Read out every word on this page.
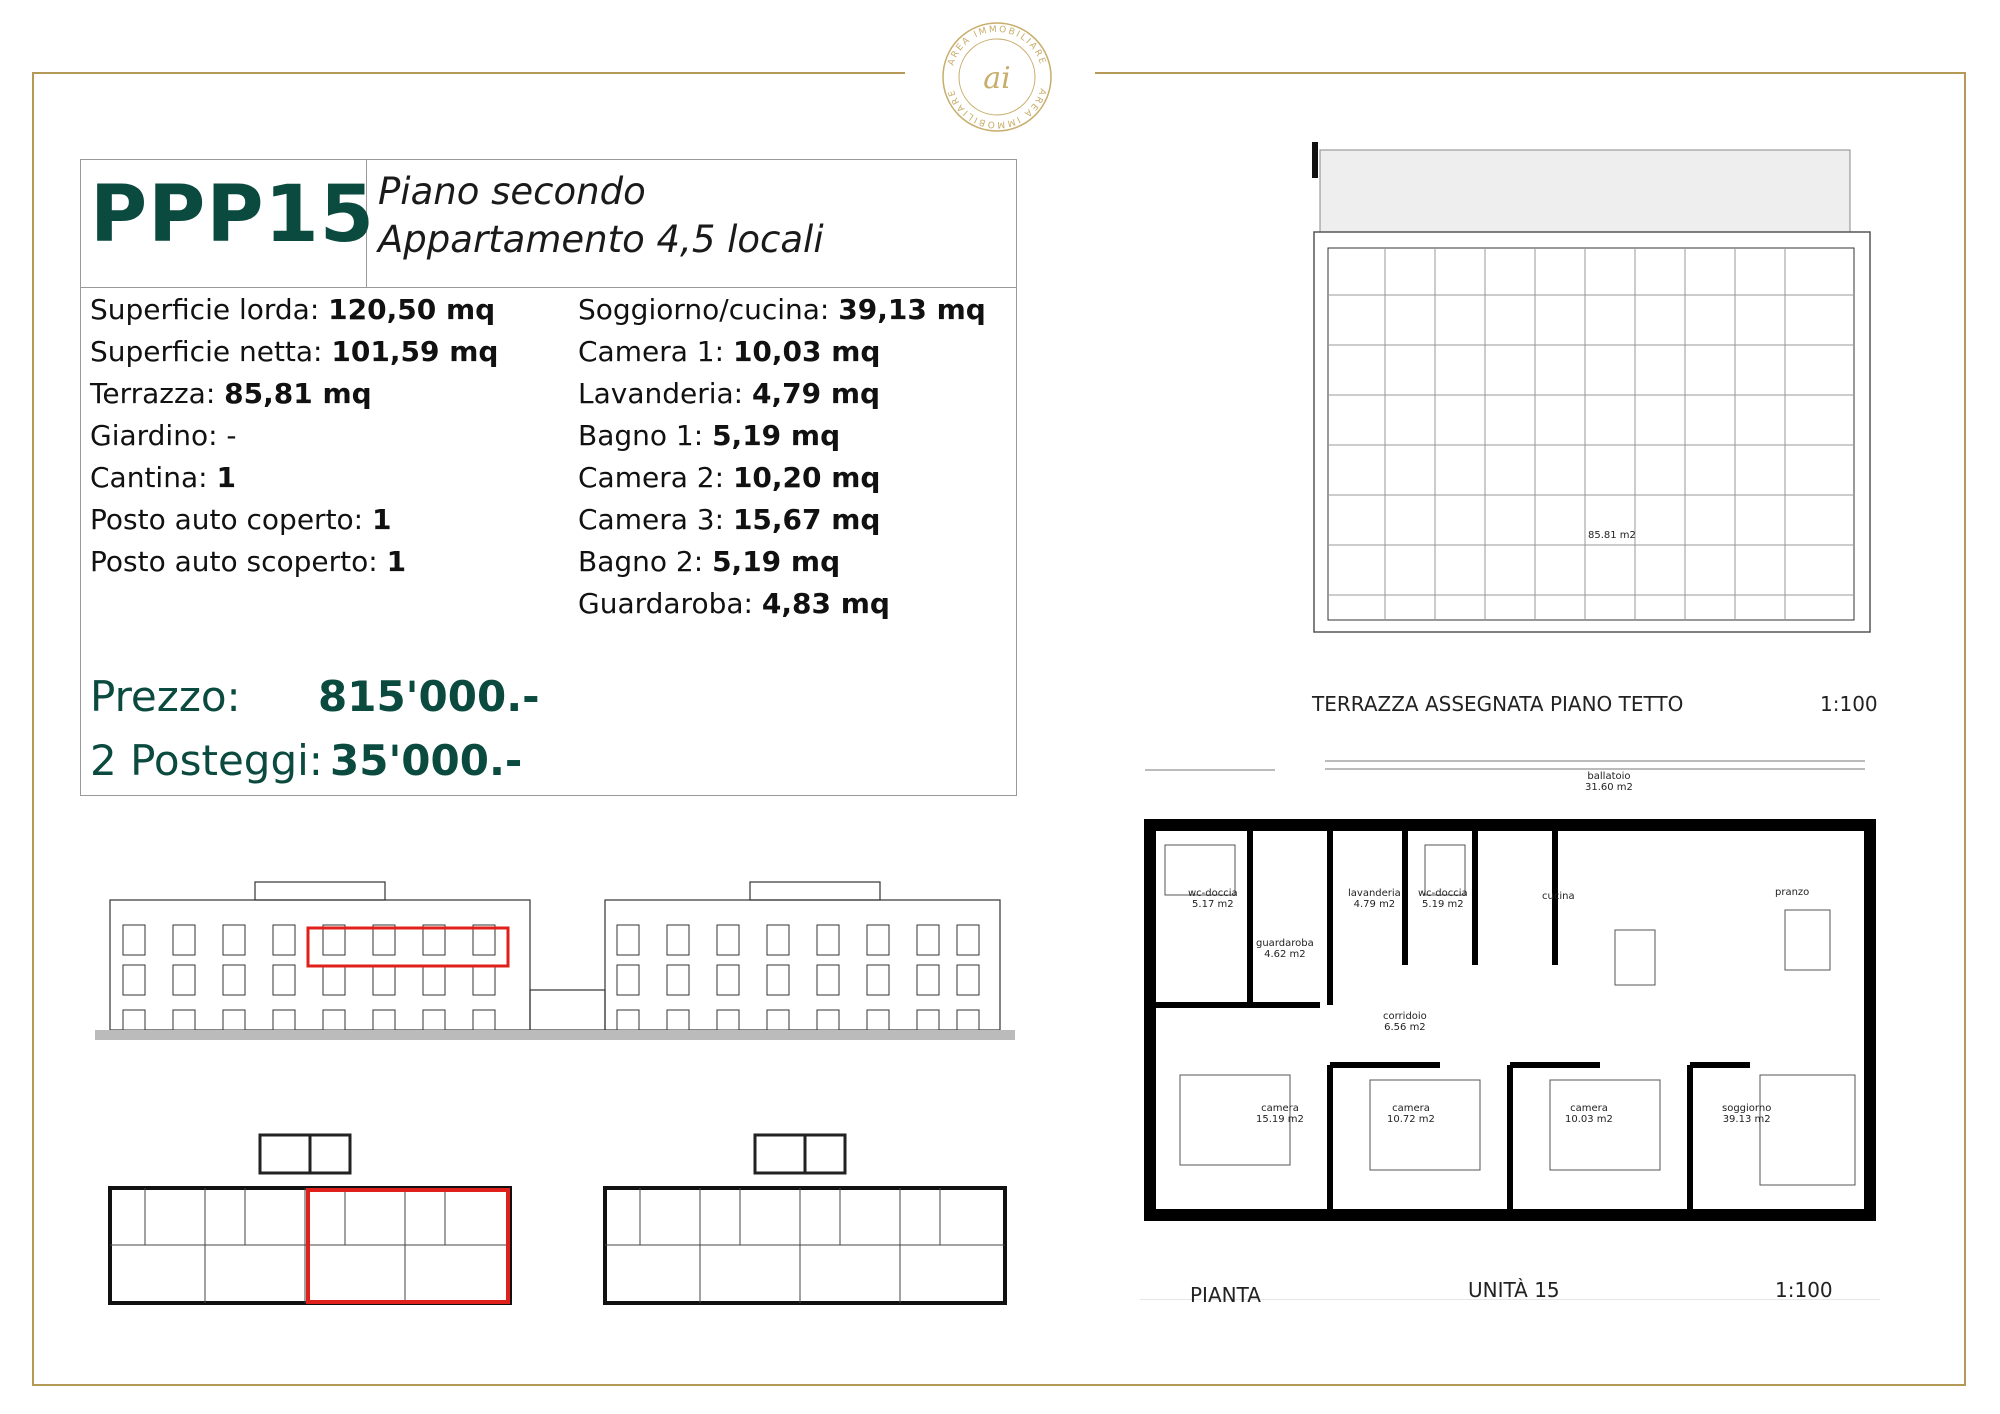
AREA IMMOBILIARE
AREA IMMOBILIARE ai
PPP15 Piano secondo
Appartamento 4,5 locali
Superficie lorda: 120,50 mq
Superficie netta: 101,59 mq
Terrazza: 85,81 mq
Giardino: -
Cantina: 1
Posto auto coperto: 1
Posto auto scoperto: 1
Soggiorno/cucina: 39,13 mq
Camera 1: 10,03 mq
Lavanderia: 4,79 mq
Bagno 1: 5,19 mq
Camera 2: 10,20 mq
Camera 3: 15,67 mq
Bagno 2: 5,19 mq
Guardaroba: 4,83 mq
Prezzo: 815'000.-
2 Posteggi: 35'000.-
85.81 m2
TERRAZZA ASSEGNATA PIANO TETTO	1:100
ballatoio
31.60 m2
wc-doccia
5.17 m2
guardaroba
4.62 m2
lavanderia
4.79 m2
wc-doccia
5.19 m2
cucina	pranzo
corridoio
6.56 m2
camera
15.19 m2
camera
10.72 m2
camera
10.03 m2
soggiorno
39.13 m2
PIANTA	UNITÀ 15	1:100
